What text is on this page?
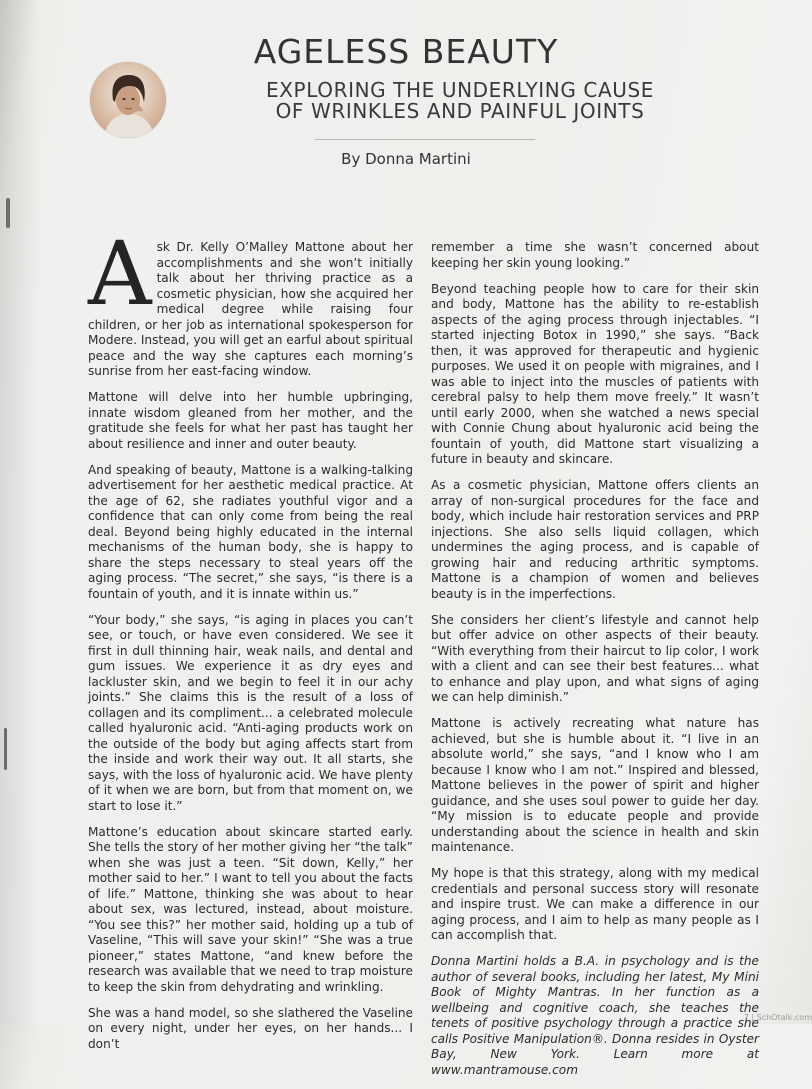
AGELESS BEAUTY
EXPLORING THE UNDERLYING CAUSE
OF WRINKLES AND PAINFUL JOINTS
By Donna Martini

Ask Dr. Kelly O’Malley Mattone about her accomplishments and she won’t initially talk about her thriving practice as a cosmetic physician, how she acquired her medical degree while raising four children, or her job as international spokesperson for Modere. Instead, you will get an earful about spiritual peace and the way she captures each morning’s sunrise from her east-facing window.

Mattone will delve into her humble upbringing, innate wisdom gleaned from her mother, and the gratitude she feels for what her past has taught her about resilience and inner and outer beauty.

And speaking of beauty, Mattone is a walking-talking advertisement for her aesthetic medical practice. At the age of 62, she radiates youthful vigor and a confidence that can only come from being the real deal. Beyond being highly educated in the internal mechanisms of the human body, she is happy to share the steps necessary to steal years off the aging process. “The secret,” she says, “is there is a fountain of youth, and it is innate within us.”

“Your body,” she says, “is aging in places you can’t see, or touch, or have even considered. We see it first in dull thinning hair, weak nails, and dental and gum issues. We experience it as dry eyes and lackluster skin, and we begin to feel it in our achy joints.” She claims this is the result of a loss of collagen and its compliment... a celebrated molecule called hyaluronic acid. “Anti-aging products work on the outside of the body but aging affects start from the inside and work their way out. It all starts, she says, with the loss of hyaluronic acid. We have plenty of it when we are born, but from that moment on, we start to lose it.”

Mattone’s education about skincare started early. She tells the story of her mother giving her “the talk” when she was just a teen. “Sit down, Kelly,” her mother said to her.” I want to tell you about the facts of life.” Mattone, thinking she was about to hear about sex, was lectured, instead, about moisture. “You see this?” her mother said, holding up a tub of Vaseline, “This will save your skin!” “She was a true pioneer,” states Mattone, “and knew before the research was available that we need to trap moisture to keep the skin from dehydrating and wrinkling.

She was a hand model, so she slathered the Vaseline on every night, under her eyes, on her hands... I don’t

remember a time she wasn’t concerned about keeping her skin young looking.”

Beyond teaching people how to care for their skin and body, Mattone has the ability to re-establish aspects of the aging process through injectables. “I started injecting Botox in 1990,” she says. “Back then, it was approved for therapeutic and hygienic purposes. We used it on people with migraines, and I was able to inject into the muscles of patients with cerebral palsy to help them move freely.” It wasn’t until early 2000, when she watched a news special with Connie Chung about hyaluronic acid being the fountain of youth, did Mattone start visualizing a future in beauty and skincare.

As a cosmetic physician, Mattone offers clients an array of non-surgical procedures for the face and body, which include hair restoration services and PRP injections. She also sells liquid collagen, which undermines the aging process, and is capable of growing hair and reducing arthritic symptoms. Mattone is a champion of women and believes beauty is in the imperfections.

She considers her client’s lifestyle and cannot help but offer advice on other aspects of their beauty. “With everything from their haircut to lip color, I work with a client and can see their best features... what to enhance and play upon, and what signs of aging we can help diminish.”

Mattone is actively recreating what nature has achieved, but she is humble about it. “I live in an absolute world,” she says, “and I know who I am because I know who I am not.” Inspired and blessed, Mattone believes in the power of spirit and higher guidance, and she uses soul power to guide her day. “My mission is to educate people and provide understanding about the science in health and skin maintenance.

My hope is that this strategy, along with my medical credentials and personal success story will resonate and inspire trust. We can make a difference in our aging process, and I aim to help as many people as I can accomplish that.

Donna Martini holds a B.A. in psychology and is the author of several books, including her latest, My Mini Book of Mighty Mantras. In her function as a wellbeing and cognitive coach, she teaches the tenets of positive psychology through a practice she calls Positive Manipulation®. Donna resides in Oyster Bay, New York. Learn more at www.mantramouse.com

7 | SchOtalk.com
